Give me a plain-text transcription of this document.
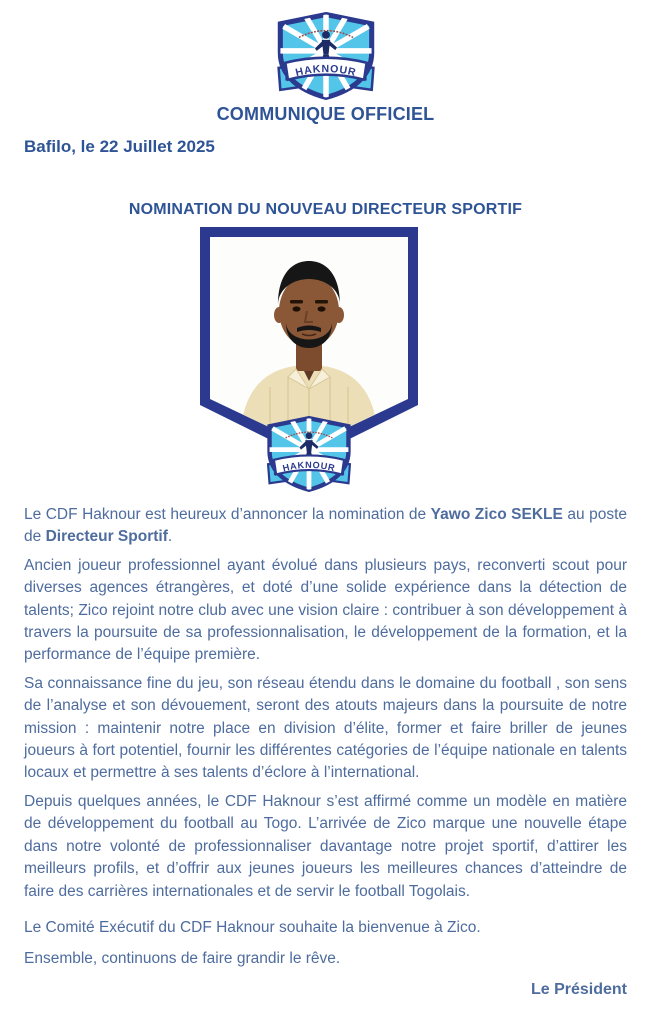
HAKNOUR
COMMUNIQUE OFFICIEL
Bafilo, le 22 Juillet 2025
NOMINATION DU NOUVEAU DIRECTEUR SPORTIF
HAKNOUR

Le CDF Haknour est heureux d’annoncer la nomination de Yawo Zico SEKLE au poste de Directeur Sportif.

Ancien joueur professionnel ayant évolué dans plusieurs pays, reconverti scout pour diverses agences étrangères, et doté d’une solide expérience dans la détection de talents; Zico rejoint notre club avec une vision claire : contribuer à son développement à travers la poursuite de sa professionnalisation, le développement de la formation, et la performance de l’équipe première.

Sa connaissance fine du jeu, son réseau étendu dans le domaine du football , son sens de l’analyse et son dévouement, seront des atouts majeurs dans la poursuite de notre mission : maintenir notre place en division d’élite, former et faire briller de jeunes joueurs à fort potentiel, fournir les différentes catégories de l’équipe nationale en talents locaux et permettre à ses talents d’éclore à l’international.

Depuis quelques années, le CDF Haknour s’est affirmé comme un modèle en matière de développement du football au Togo. L’arrivée de Zico marque une nouvelle étape dans notre volonté de professionnaliser davantage notre projet sportif, d’attirer les meilleurs profils, et d’offrir aux jeunes joueurs les meilleures chances d’atteindre de faire des carrières internationales et de servir le football Togolais.

Le Comité Exécutif du CDF Haknour souhaite la bienvenue à Zico.

Ensemble, continuons de faire grandir le rêve.

Le Président
